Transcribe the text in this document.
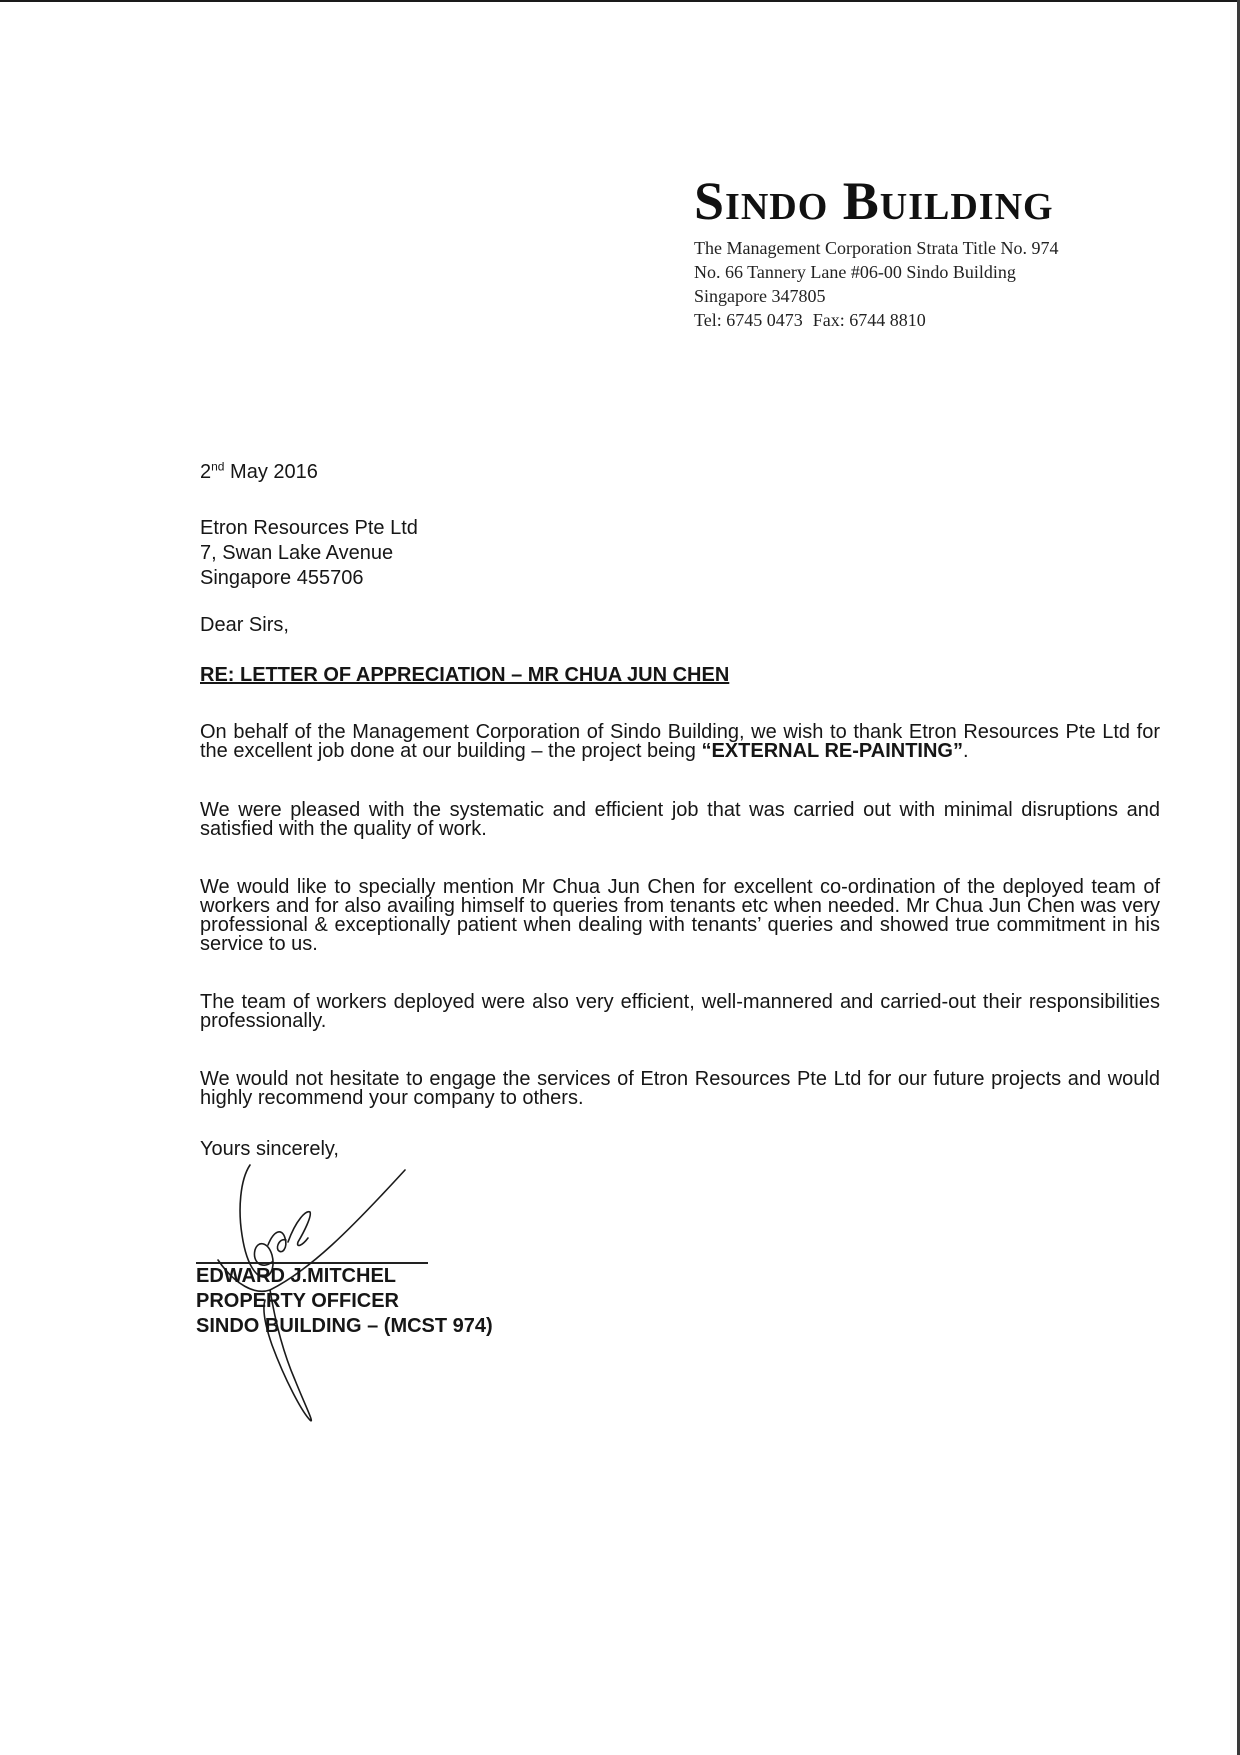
Sindo Building
The Management Corporation Strata Title No. 974
No. 66 Tannery Lane #06-00 Sindo Building
Singapore 347805
Tel: 6745 0473 Fax: 6744 8810
2nd May 2016
Etron Resources Pte Ltd
7, Swan Lake Avenue
Singapore 455706
Dear Sirs,
RE: LETTER OF APPRECIATION – MR CHUA JUN CHEN
On behalf of the Management Corporation of Sindo Building, we wish to thank Etron Resources Pte Ltd for the excellent job done at our building – the project being “EXTERNAL RE-PAINTING”.
We were pleased with the systematic and efficient job that was carried out with minimal disruptions and satisfied with the quality of work.
We would like to specially mention Mr Chua Jun Chen for excellent co-ordination of the deployed team of workers and for also availing himself to queries from tenants etc when needed. Mr Chua Jun Chen was very professional & exceptionally patient when dealing with tenants’ queries and showed true commitment in his service to us.
The team of workers deployed were also very efficient, well-mannered and carried-out their responsibilities professionally.
We would not hesitate to engage the services of Etron Resources Pte Ltd for our future projects and would highly recommend your company to others.
Yours sincerely,
EDWARD J.MITCHEL
PROPERTY OFFICER
SINDO BUILDING – (MCST 974)
